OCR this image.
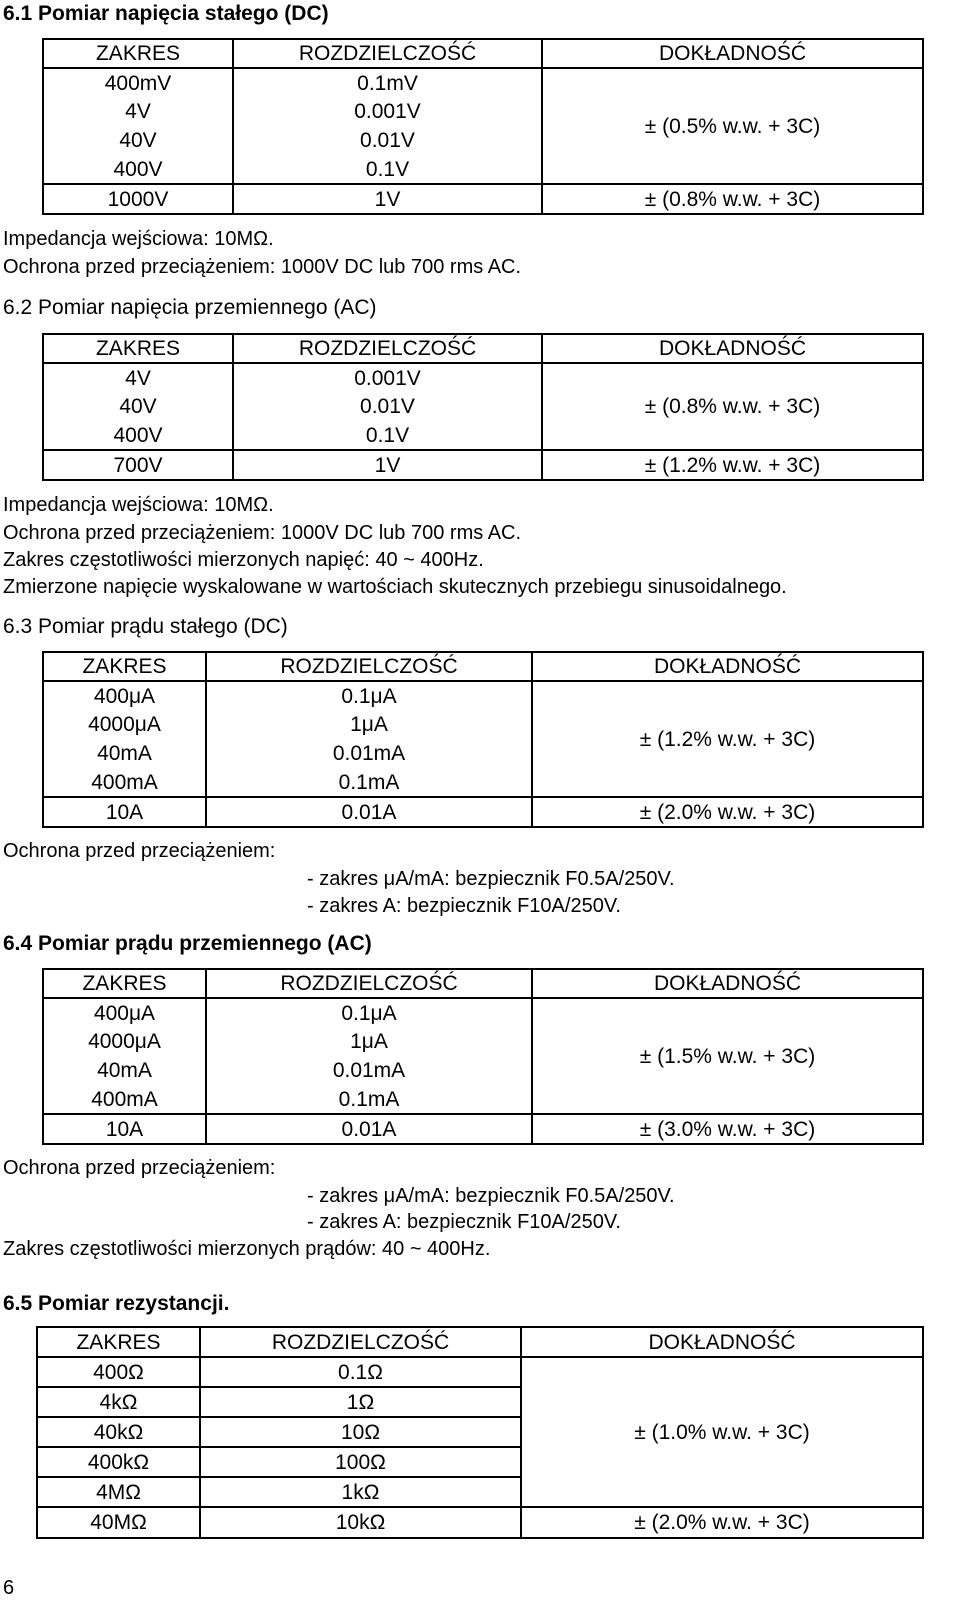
6.1 Pomiar napięcia stałego (DC)
ZAKRES	ROZDZIELCZOŚĆ	DOKŁADNOŚĆ
400mV	0.1mV	± (0.5% w.w. + 3C)
4V	0.001V	
40V	0.01V	
400V	0.1V	
1000V	1V	± (0.8% w.w. + 3C)
Impedancja wejściowa: 10MΩ.
Ochrona przed przeciążeniem: 1000V DC lub 700 rms AC.
6.2 Pomiar napięcia przemiennego (AC)
ZAKRES	ROZDZIELCZOŚĆ	DOKŁADNOŚĆ
4V	0.001V	± (0.8% w.w. + 3C)
40V	0.01V	
400V	0.1V	
700V	1V	± (1.2% w.w. + 3C)
Impedancja wejściowa: 10MΩ.
Ochrona przed przeciążeniem: 1000V DC lub 700 rms AC.
Zakres częstotliwości mierzonych napięć: 40 ~ 400Hz.
Zmierzone napięcie wyskalowane w wartościach skutecznych przebiegu sinusoidalnego.
6.3 Pomiar prądu stałego (DC)
ZAKRES	ROZDZIELCZOŚĆ	DOKŁADNOŚĆ
400μA	0.1μA	± (1.2% w.w. + 3C)
4000μA	1μA	
40mA	0.01mA	
400mA	0.1mA	
10A	0.01A	± (2.0% w.w. + 3C)
Ochrona przed przeciążeniem:
- zakres μA/mA: bezpiecznik F0.5A/250V.
- zakres A: bezpiecznik F10A/250V.
6.4 Pomiar prądu przemiennego (AC)
ZAKRES	ROZDZIELCZOŚĆ	DOKŁADNOŚĆ
400μA	0.1μA	± (1.5% w.w. + 3C)
4000μA	1μA	
40mA	0.01mA	
400mA	0.1mA	
10A	0.01A	± (3.0% w.w. + 3C)
Ochrona przed przeciążeniem:
- zakres μA/mA: bezpiecznik F0.5A/250V.
- zakres A: bezpiecznik F10A/250V.
Zakres częstotliwości mierzonych prądów: 40 ~ 400Hz.
6.5 Pomiar rezystancji.
ZAKRES	ROZDZIELCZOŚĆ	DOKŁADNOŚĆ
400Ω	0.1Ω	± (1.0% w.w. + 3C)
4kΩ	1Ω	
40kΩ	10Ω	
400kΩ	100Ω	
4MΩ	1kΩ	
40MΩ	10kΩ	± (2.0% w.w. + 3C)
6
